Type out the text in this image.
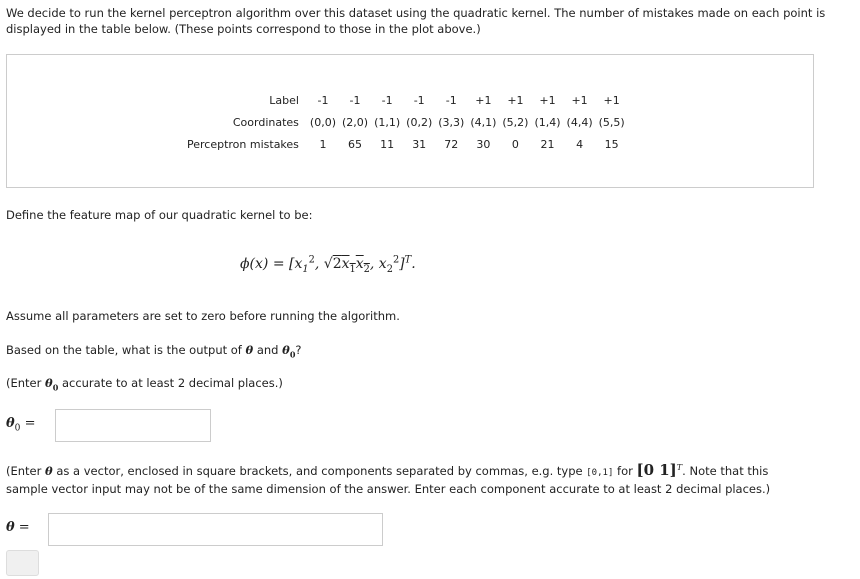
We decide to run the kernel perceptron algorithm over this dataset using the quadratic kernel. The number of mistakes made on each point is displayed in the table below. (These points correspond to those in the plot above.)

Label	-1	-1	-1	-1	-1	+1	+1	+1	+1	+1
Coordinates	(0,0)	(2,0)	(1,1)	(0,2)	(3,3)	(4,1)	(5,2)	(1,4)	(4,4)	(5,5)
Perceptron mistakes	1	65	11	31	72	30	0	21	4	15

Define the feature map of our quadratic kernel to be:

$\phi(x) = [x_1^2$, $√2x_1x_2$, $x_2^2]^T$.

Assume all parameters are set to zero before running the algorithm.

Based on the table, what is the output of θ and $\theta_0$?

(Enter $\theta_0$ accurate to at least 2 decimal places.)

$\theta_0$ =

(Enter θ as a vector, enclosed in square brackets, and components separated by commas, e.g. type [0,1] for [0 1]$^T$. Note that this sample vector input may not be of the same dimension of the answer. Enter each component accurate to at least 2 decimal places.)

θ =
